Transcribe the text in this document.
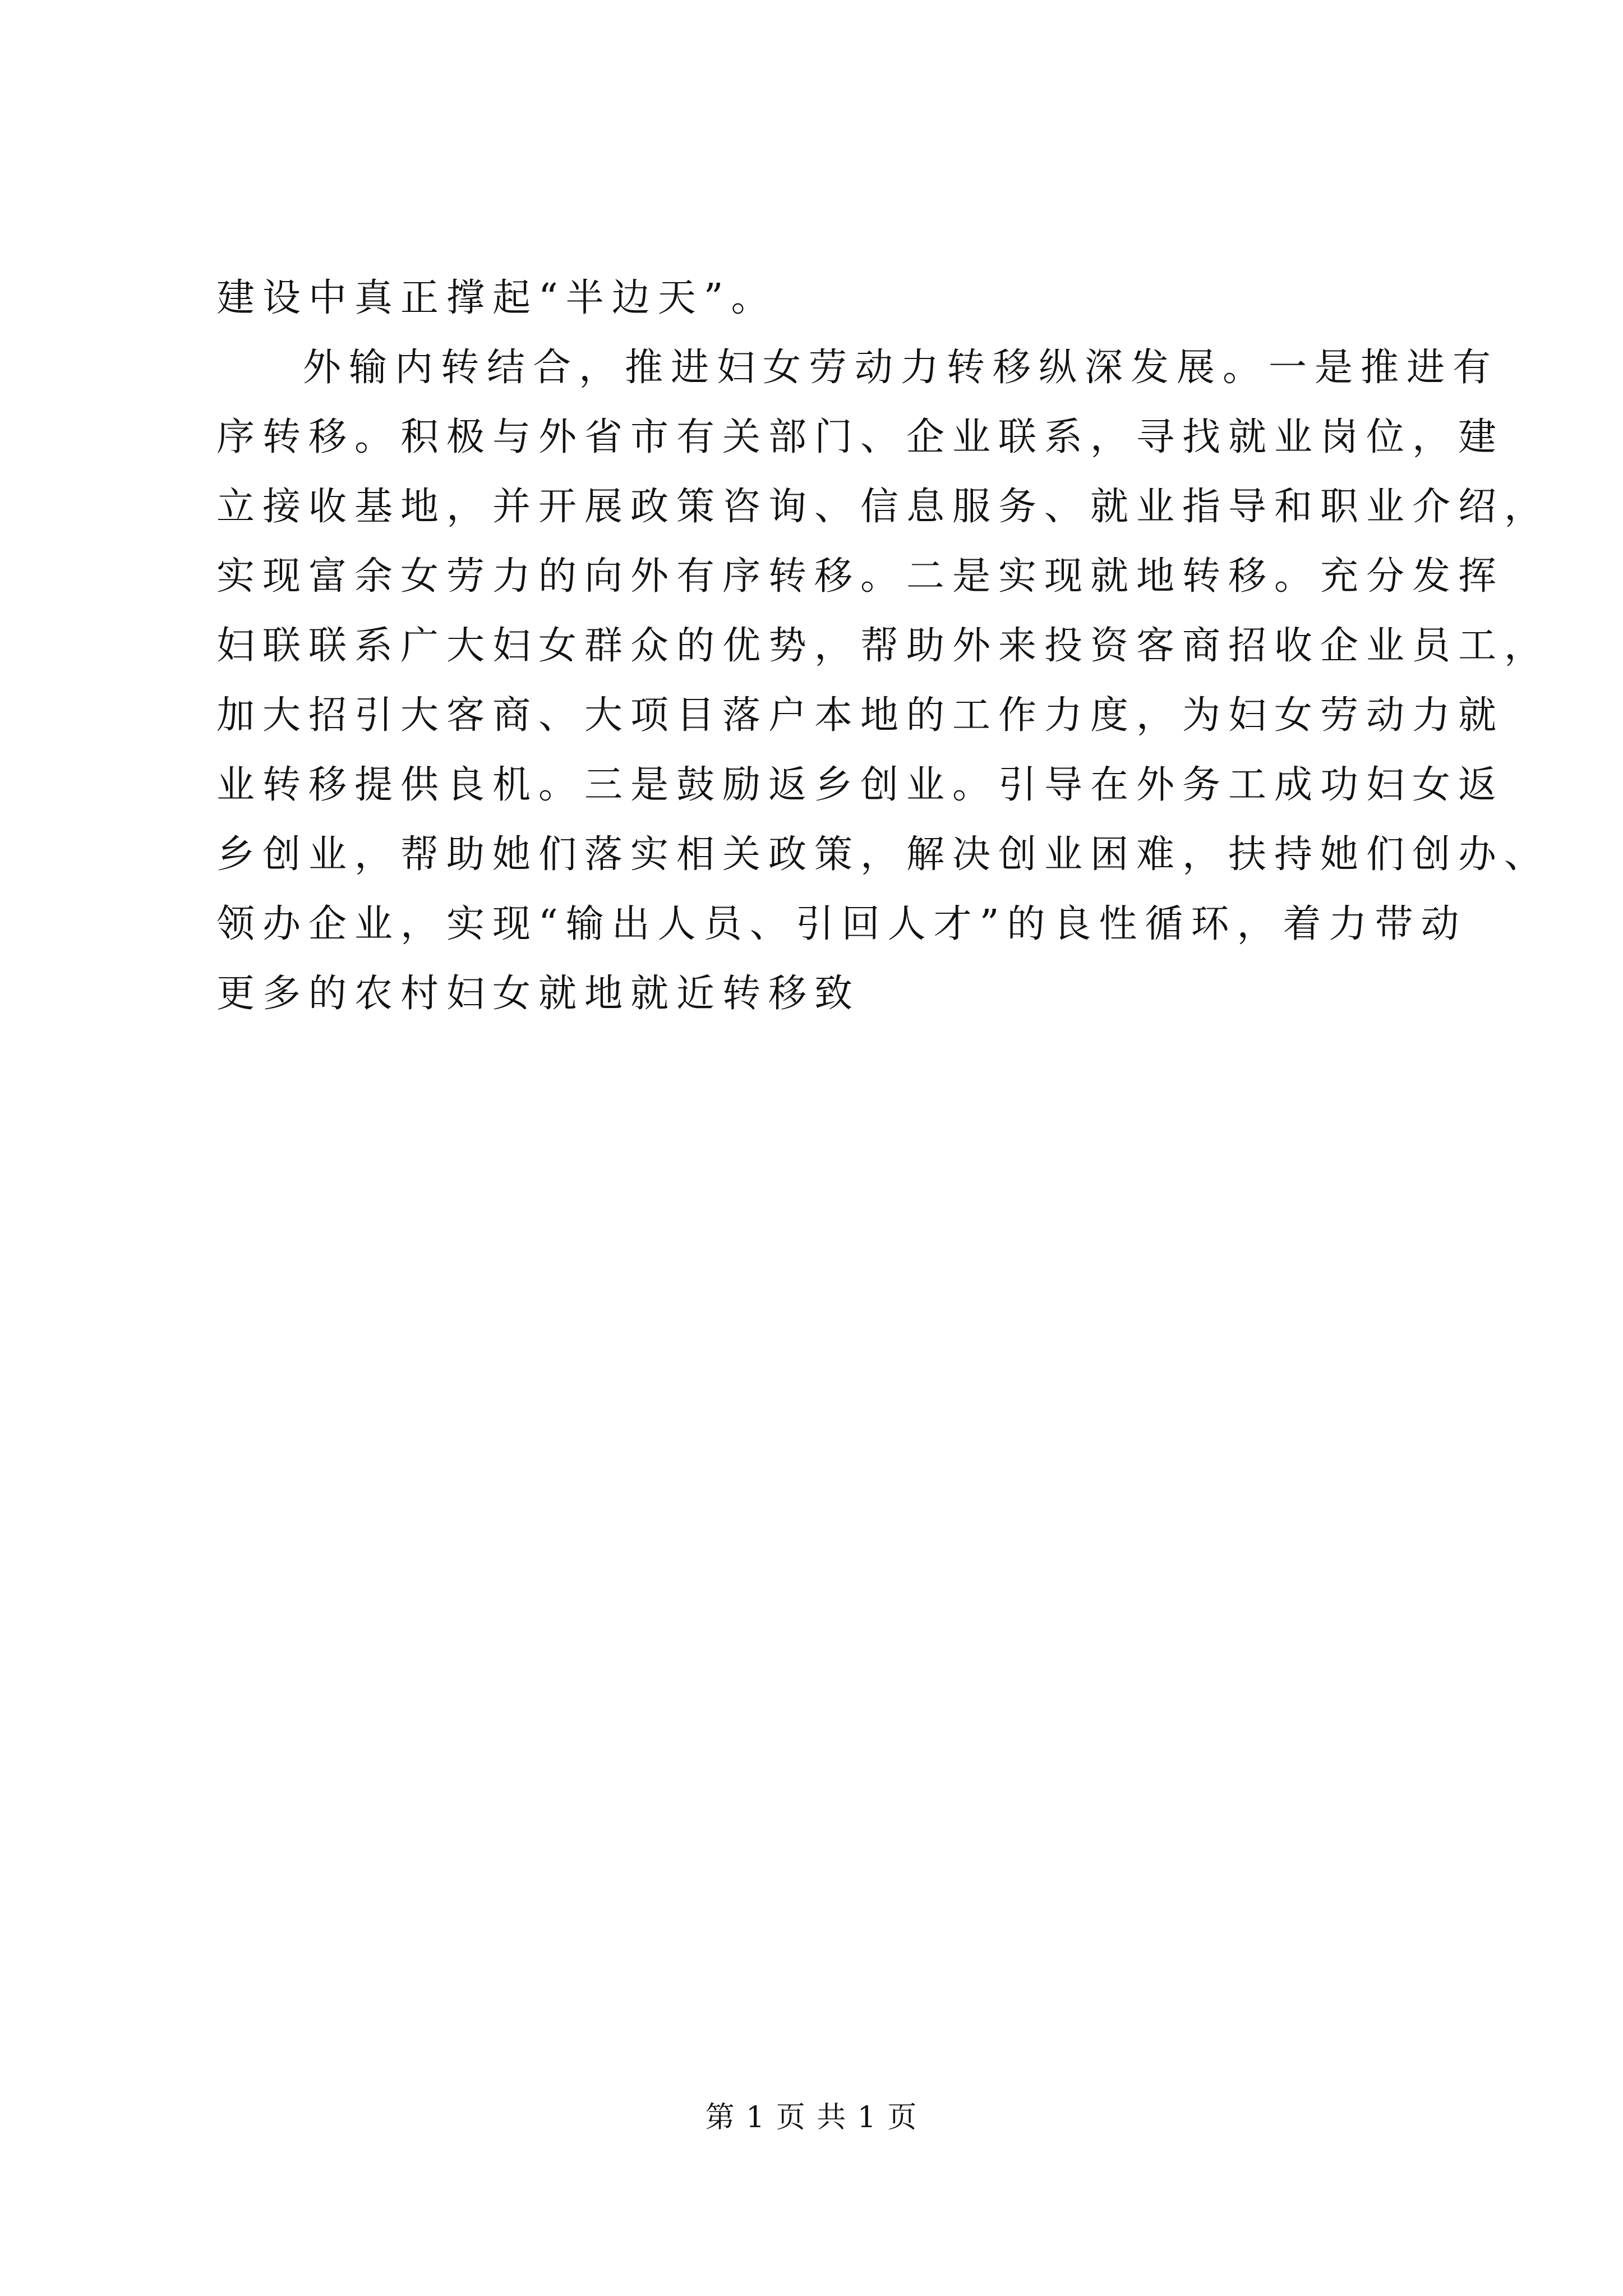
建设中真正撑起“半边天”。
外输内转结合，推进妇女劳动力转移纵深发展。一是推进有
序转移。积极与外省市有关部门、企业联系，寻找就业岗位，建
立接收基地，并开展政策咨询、信息服务、就业指导和职业介绍，
实现富余女劳力的向外有序转移。二是实现就地转移。充分发挥
妇联联系广大妇女群众的优势，帮助外来投资客商招收企业员工，
加大招引大客商、大项目落户本地的工作力度，为妇女劳动力就
业转移提供良机。三是鼓励返乡创业。引导在外务工成功妇女返
乡创业，帮助她们落实相关政策，解决创业困难，扶持她们创办、
领办企业，实现“输出人员、引回人才”的良性循环，着力带动
更多的农村妇女就地就近转移致
第 1 页 共 1 页
